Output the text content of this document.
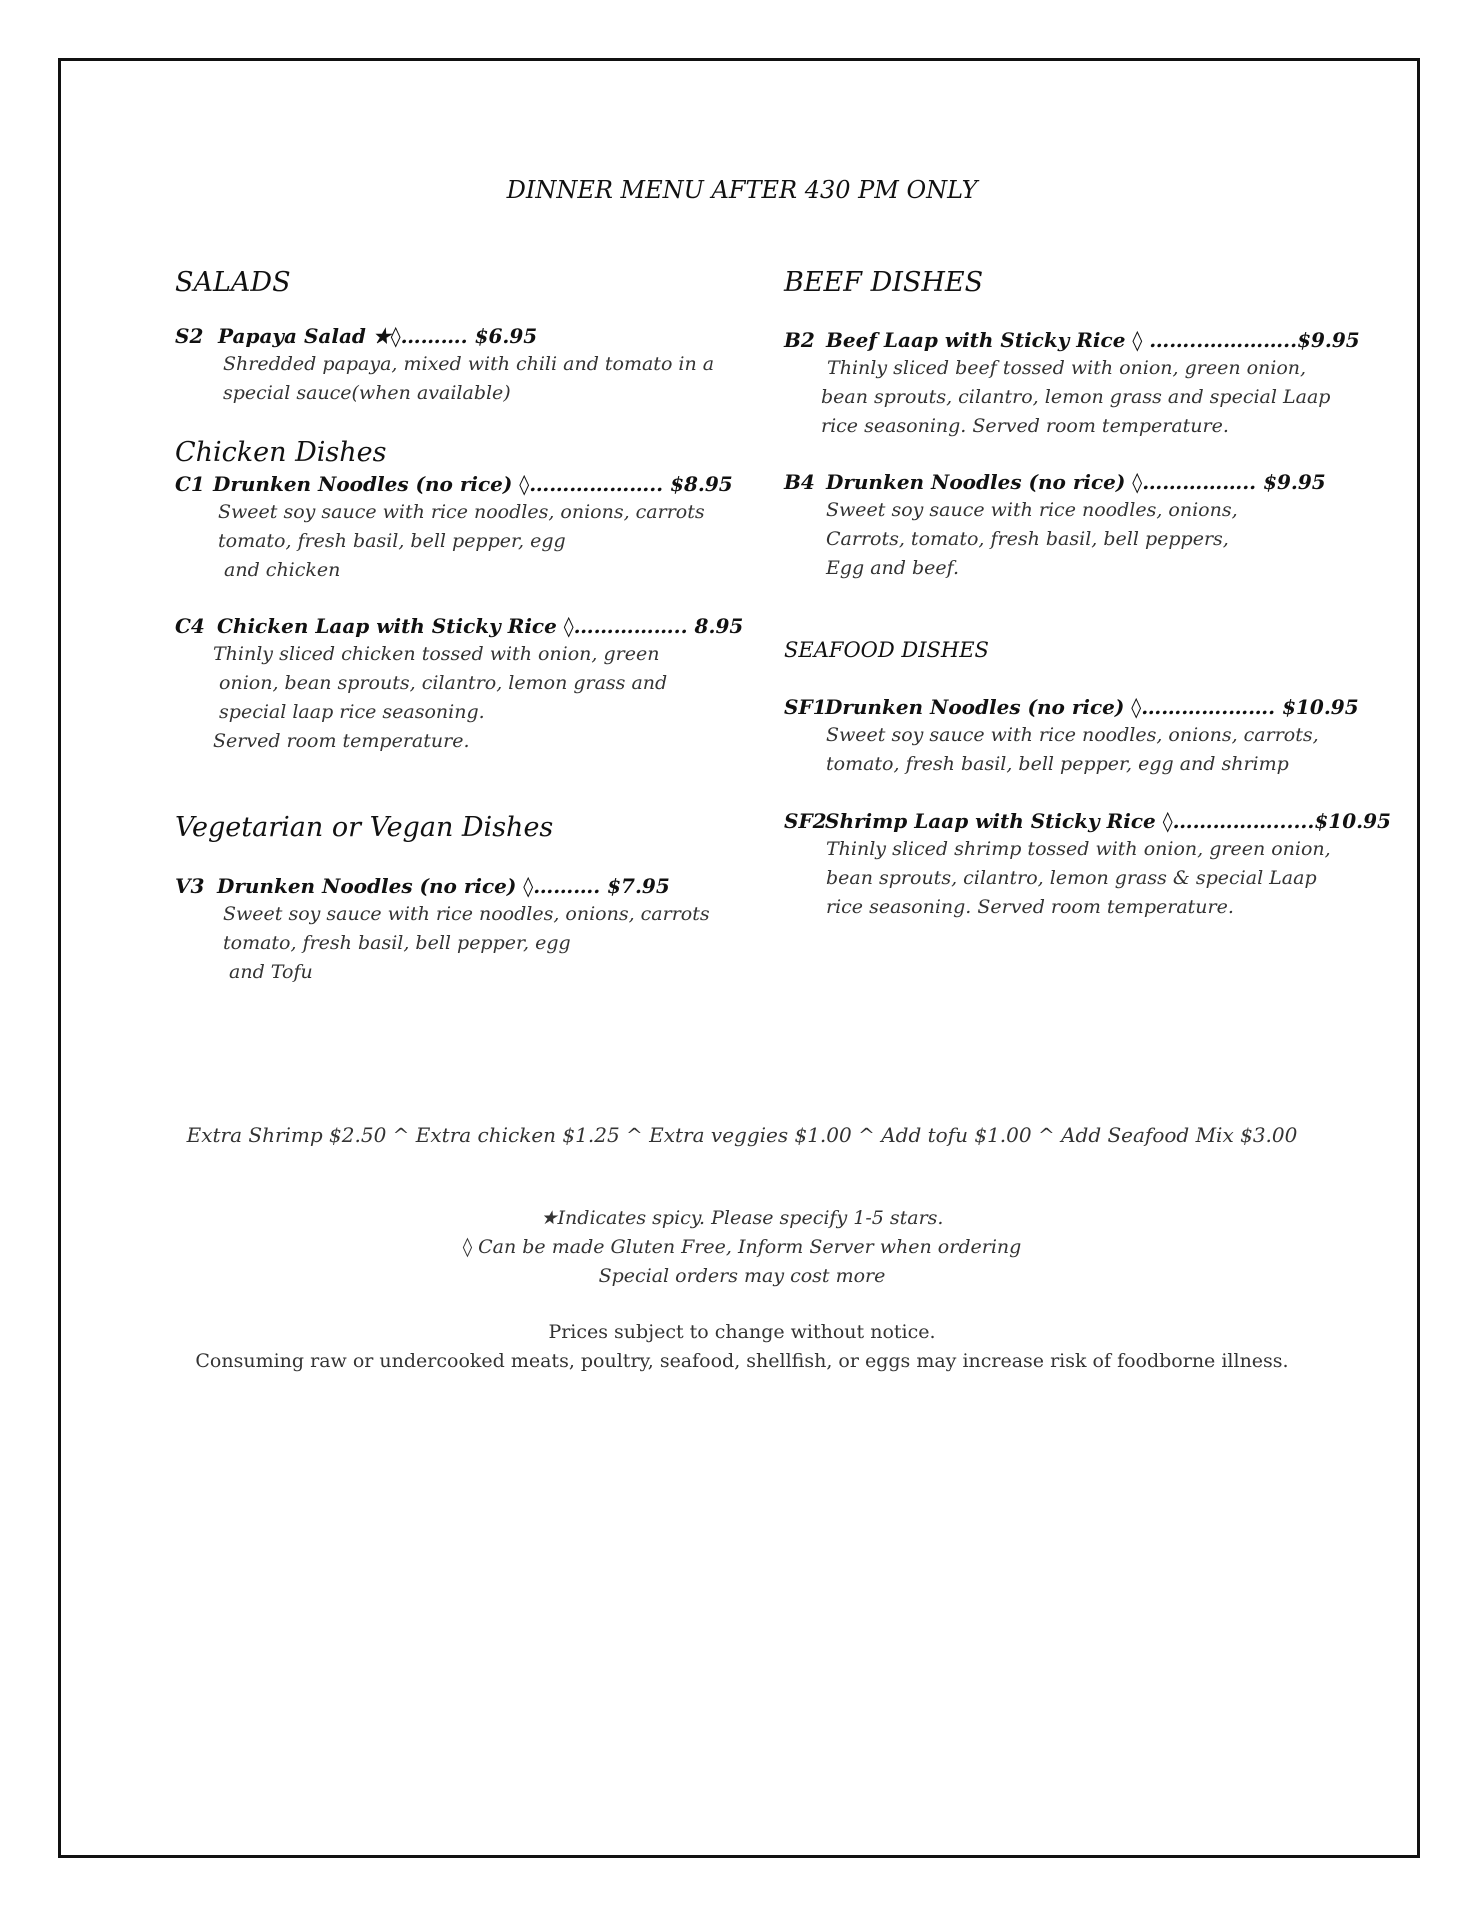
DINNER MENU AFTER 430 PM ONLY
SALADS
S2 Papaya Salad ★◊………. $6.95
Shredded papaya, mixed with chili and tomato in a
special sauce(when available)
Chicken Dishes
C1 Drunken Noodles (no rice) ◊……………….. $8.95
Sweet soy sauce with rice noodles, onions, carrots
tomato, fresh basil, bell pepper, egg
and chicken
C4 Chicken Laap with Sticky Rice ◊…………….. 8.95
Thinly sliced chicken tossed with onion, green
onion, bean sprouts, cilantro, lemon grass and
special laap rice seasoning.
Served room temperature.
Vegetarian or Vegan Dishes
V3 Drunken Noodles (no rice) ◊………. $7.95
Sweet soy sauce with rice noodles, onions, carrots
tomato, fresh basil, bell pepper, egg
and Tofu
BEEF DISHES
B2 Beef Laap with Sticky Rice ◊ ……..…………..$9.95
Thinly sliced beef tossed with onion, green onion,
bean sprouts, cilantro, lemon grass and special Laap
rice seasoning. Served room temperature.
B4 Drunken Noodles (no rice) ◊…………….. $9.95
Sweet soy sauce with rice noodles, onions,
Carrots, tomato, fresh basil, bell peppers,
Egg and beef.
SEAFOOD DISHES
SF1Drunken Noodles (no rice) ◊………….……. $10.95
Sweet soy sauce with rice noodles, onions, carrots,
tomato, fresh basil, bell pepper, egg and shrimp
SF2Shrimp Laap with Sticky Rice ◊……………......$10.95
Thinly sliced shrimp tossed with onion, green onion,
bean sprouts, cilantro, lemon grass & special Laap
rice seasoning. Served room temperature.
Extra Shrimp $2.50 ^ Extra chicken $1.25 ^ Extra veggies $1.00 ^ Add tofu $1.00 ^ Add Seafood Mix $3.00
★Indicates spicy. Please specify 1-5 stars.
◊ Can be made Gluten Free, Inform Server when ordering
Special orders may cost more
Prices subject to change without notice.
Consuming raw or undercooked meats, poultry, seafood, shellfish, or eggs may increase risk of foodborne illness.
